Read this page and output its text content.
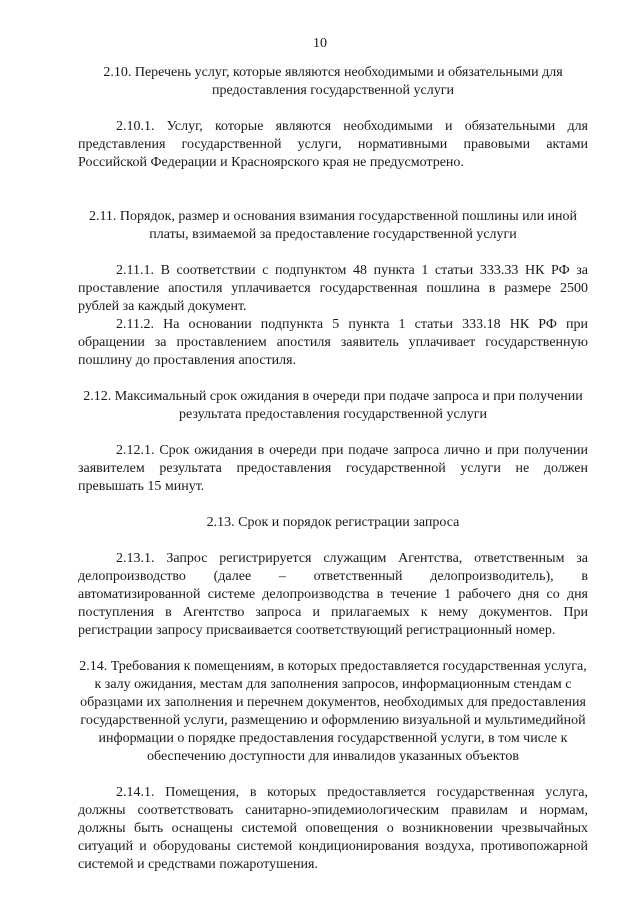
10

2.10. Перечень услуг, которые являются необходимыми и обязательными для предоставления государственной услуги

2.10.1. Услуг, которые являются необходимыми и обязательными для представления государственной услуги, нормативными правовыми актами Российской Федерации и Красноярского края не предусмотрено.

2.11. Порядок, размер и основания взимания государственной пошлины или иной платы, взимаемой за предоставление государственной услуги

2.11.1. В соответствии с подпунктом 48 пункта 1 статьи 333.33 НК РФ за проставление апостиля уплачивается государственная пошлина в размере 2500 рублей за каждый документ.

2.11.2. На основании подпункта 5 пункта 1 статьи 333.18 НК РФ при обращении за проставлением апостиля заявитель уплачивает государственную пошлину до проставления апостиля.

2.12. Максимальный срок ожидания в очереди при подаче запроса и при получении результата предоставления государственной услуги

2.12.1. Срок ожидания в очереди при подаче запроса лично и при получении заявителем результата предоставления государственной услуги не должен превышать 15 минут.

2.13. Срок и порядок регистрации запроса

2.13.1. Запрос регистрируется служащим Агентства, ответственным за делопроизводство (далее – ответственный делопроизводитель), в автоматизированной системе делопроизводства в течение 1 рабочего дня со дня поступления в Агентство запроса и прилагаемых к нему документов. При регистрации запросу присваивается соответствующий регистрационный номер.

2.14. Требования к помещениям, в которых предоставляется государственная услуга, к залу ожидания, местам для заполнения запросов, информационным стендам с образцами их заполнения и перечнем документов, необходимых для предоставления государственной услуги, размещению и оформлению визуальной и мультимедийной информации о порядке предоставления государственной услуги, в том числе к обеспечению доступности для инвалидов указанных объектов

2.14.1. Помещения, в которых предоставляется государственная услуга, должны соответствовать санитарно-эпидемиологическим правилам и нормам, должны быть оснащены системой оповещения о возникновении чрезвычайных ситуаций и оборудованы системой кондиционирования воздуха, противопожарной системой и средствами пожаротушения.
